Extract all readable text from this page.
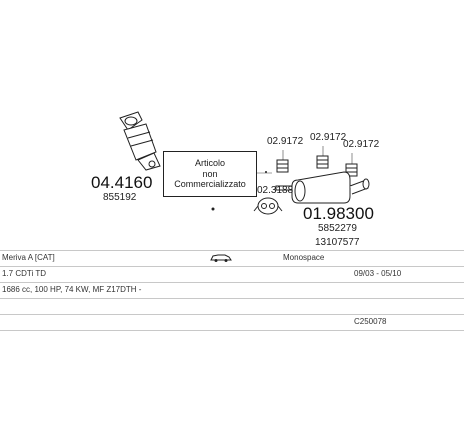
04.4160
855192
Articolo
non
Commercializzato
02.9172 02.9172
02.9172
02.3188
01.98300
5852279
13107577
Meriva A [CAT]	Monospace
1.7 CDTi TD	09/03 - 05/10
1686 cc, 100 HP, 74 KW, MF Z17DTH -
C250078
